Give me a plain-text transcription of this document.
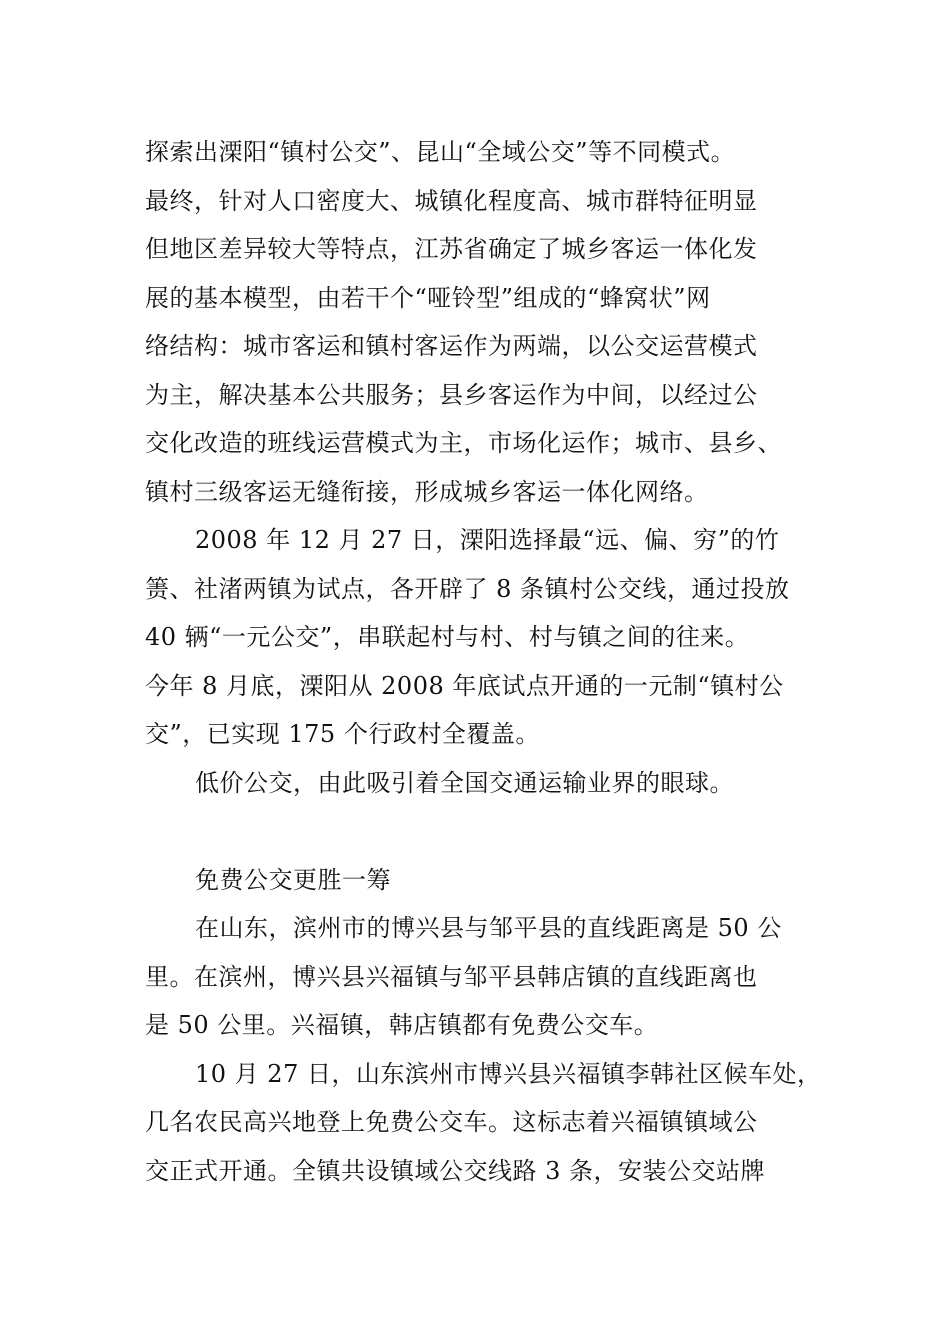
探索出溧阳“镇村公交”、昆山“全域公交”等不同模式。
最终，针对人口密度大、城镇化程度高、城市群特征明显
但地区差异较大等特点，江苏省确定了城乡客运一体化发
展的基本模型，由若干个“哑铃型”组成的“蜂窝状”网
络结构：城市客运和镇村客运作为两端，以公交运营模式
为主，解决基本公共服务；县乡客运作为中间，以经过公
交化改造的班线运营模式为主，市场化运作；城市、县乡、
镇村三级客运无缝衔接，形成城乡客运一体化网络。
2008 年 12 月 27 日，溧阳选择最“远、偏、穷”的竹
箦、社渚两镇为试点，各开辟了 8 条镇村公交线，通过投放
40 辆“一元公交”，串联起村与村、村与镇之间的往来。
今年 8 月底，溧阳从 2008 年底试点开通的一元制“镇村公
交”，已实现 175 个行政村全覆盖。
低价公交，由此吸引着全国交通运输业界的眼球。
免费公交更胜一筹
在山东，滨州市的博兴县与邹平县的直线距离是 50 公
里。在滨州，博兴县兴福镇与邹平县韩店镇的直线距离也
是 50 公里。兴福镇，韩店镇都有免费公交车。
10 月 27 日，山东滨州市博兴县兴福镇李韩社区候车处，
几名农民高兴地登上免费公交车。这标志着兴福镇镇域公
交正式开通。全镇共设镇域公交线路 3 条，安装公交站牌
